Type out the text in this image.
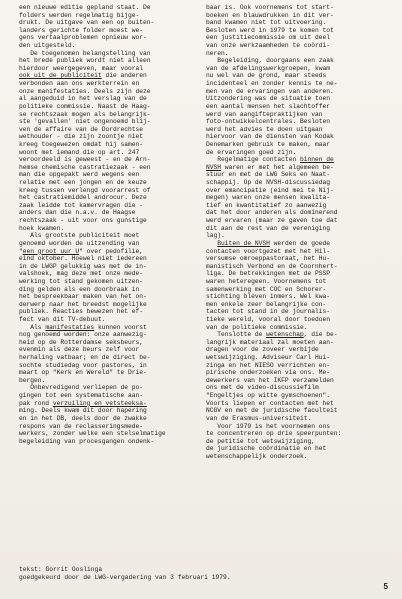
een nieuwe editie gepland staat. De
folders werden regelmatig bijge-
drukt. De uitgave van een op buiten-
landers gerichte folder moest we-
gens vertaalproblemen opnieuw wor-
den uitgesteld.
De toegenomen belangstelling van
het brede publiek wordt niet alleen
hierdoor weergegeven, maar vooral
ook uit de publiciteit die anderen
verbonden aan ons werkterrein en
onze manifestaties. Deels zijn deze
al aangeduid in het verslag van de
politieke commissie. Naast de Haag-
se rechtszaak mogen als belangrijk-
ste 'gevallen' niet ongenoemd blij-
ven de affaire van de Dordrechtse
wethouder - die zijn zoontje niet
kreeg toegewezen omdat hij samen-
woont met iemand die op art. 247
veroordeeld is geweest - en de Arn-
hemse chemische castratiezaak - een
man die opgepakt werd wegens een
relatie met een jongen en de keuze
kreeg tussen verlengd voorarrest of
het castratiemiddel androcur. Deze
zaak leidde tot kamervragen die -
anders dan die n.a.v. de Haagse
rechtszaak - uit voor ons gunstige
hoek kwamen.
Als grootste publiciteit moet
genoemd worden de uitzending van
"een groot uur U" over pedofilie,
eind oktober. Hoewel niet iedereen
in de LWGP gelukkig was met de in-
valshoek, mag deze met onze mede-
werking tot stand gekomen uitzen-
ding gelden als een doorbraak in
het bespreekbaar maken van het on-
derwerp naar het breedst mogelijke
publiek. Reacties bewezen het ef-
fect van dit TV-debuut.
Als manifestaties kunnen voorst
nog genoemd worden: onze aanwezig-
heid op de Rotterdamse seksbeurs,
evenmin als deze beurs zelf voor
herhaling vatbaar; en de direct be-
sochte studiedag voor pastores, in
maart op "Kerk en Wereld" te Drie-
bergen.
Onbevredigend verliepen de po-
gingen tot een systematische aan-
pak rond verzuiling en vetsteeksa-
ming. Deels kwam dit door hapering
en in het DB, deels door de zwakke
respons van de reclasseringsmede-
werkers, zonder welke een stelselmatige
begeleiding van procesgangen ondenk-
baar is. Ook voornemens tot start-
boeken en blauwdrukken in dit ver-
band kwamen niet tot uitvoering.
Besloten werd in 1979 te komen tot
een justitiecommissie om uit deel
van onze werkzaamheden te coördi-
neren.
Begeleiding, doorgaans een zaak
van de afdelingswerkgroepen, kwam
nu wel van de grond, maar steeds
incidenteel en zonder kennis te ne-
men van de ervaringen van anderen.
Uitzondering was de situatie toen
een aantal mensen het slachtoffer
werd van aangiftepraktijken van
foto-ontwikkelcentrales. Besloten
werd het advies te doen uitgaan
hiervoor van de diensten van Kodak
Denemarken gebruik te maken, maar
de ervaringen goed zijn.
Regelmatige contacten binnen de
NVSH waren er met het algemeen be-
stuur en met de LWG Seks en Naat-
schappij. Op de NVSH-discussiedag
over emancipatie (eind mei te Nij-
megen) waren onze mensen kwalita-
tief en kwantitatief zo aanwezig
dat het door anderen als dominerend
werd ervaren (maar ze gaven toe dat
dit aan de rest van de vereniging
lag).
Buiten de NVSH werden de goede
contacten voortgezet met het Hil-
versumse omroeppastoraat, het Hu-
manistisch Verbond en de Coornhert-
liga. De betrekkingen met de PSSP
waren heteregeen. Voornemens tot
samenwerking met COC en Schorer-
stichting bleven inmers. Wel kwa-
men enkele zeer belangrijke con-
tacten tot stand in de journalis-
tieke wereld, vooral door toedoen
van de politieke commissie.
Tenslotte de wetenschap, die be-
langrijk materiaal zal moeten aan-
dragen voor de zoveer verbijde
wetswijziging. Adviseur Carl Hui-
zinga en het NIESO verrichten en-
pirische onderzoeken via ons. Me-
dewerkers van het IKFP verzamelden
ons met de video-discussiefilm
"Engeltjes op witte gymschoenen".
Voorts liepen er contacten met het
NCGV en met de juridische faculteit
van de Erasmus-universiteit.
Voor 1979 is het voornemen ons
te concentreren op drie speerpunten:
de petitie tot wetswijziging,
de juridische coördinatie en het
wetenschappelijk onderzoek.
tekst: Gorrit Ooslinga
goedgekeurd door de LWG-vergadering van 3 februari 1979.
5
